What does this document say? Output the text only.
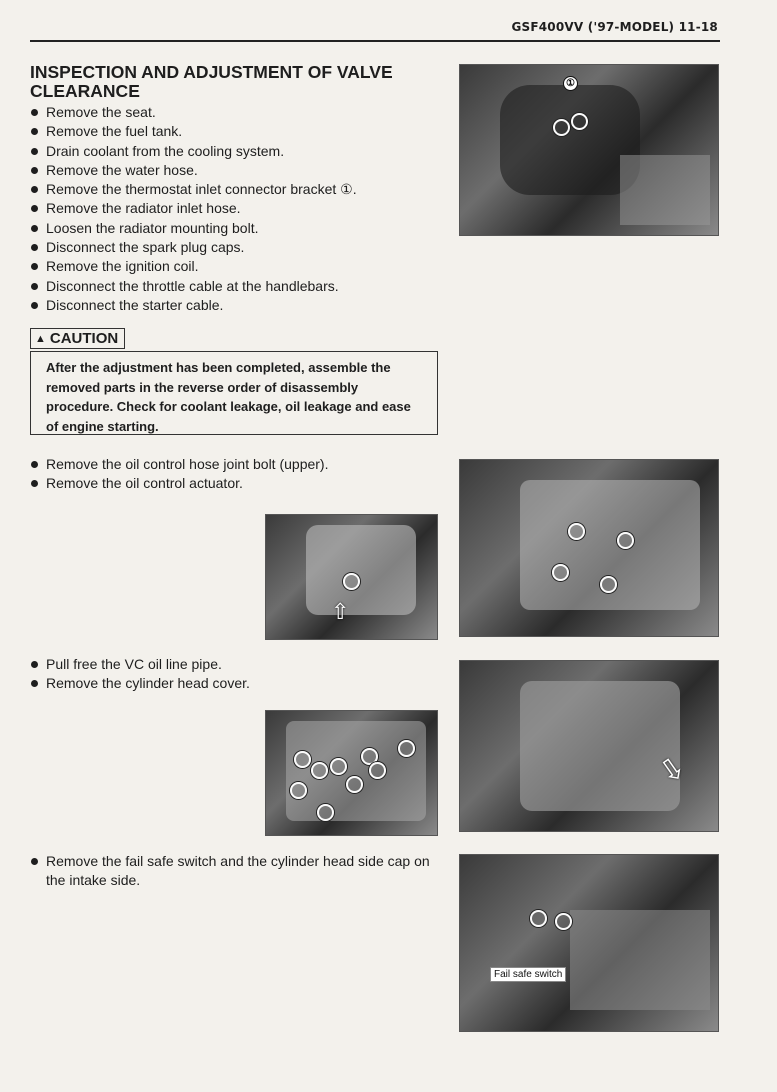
GSF400VV ('97-MODEL) 11-18
INSPECTION AND ADJUSTMENT OF VALVE CLEARANCE
Remove the seat.
Remove the fuel tank.
Drain coolant from the cooling system.
Remove the water hose.
Remove the thermostat inlet connector bracket ①.
Remove the radiator inlet hose.
Loosen the radiator mounting bolt.
Disconnect the spark plug caps.
Remove the ignition coil.
Disconnect the throttle cable at the handlebars.
Disconnect the starter cable.
▲ CAUTION
After the adjustment has been completed, assemble the removed parts in the reverse order of disassembly procedure. Check for coolant leakage, oil leakage and ease of engine starting.
Remove the oil control hose joint bolt (upper).
Remove the oil control actuator.
Pull free the VC oil line pipe.
Remove the cylinder head cover.
Remove the fail safe switch and the cylinder head side cap on the intake side.
①
⇧
⇩
Fail safe switch
